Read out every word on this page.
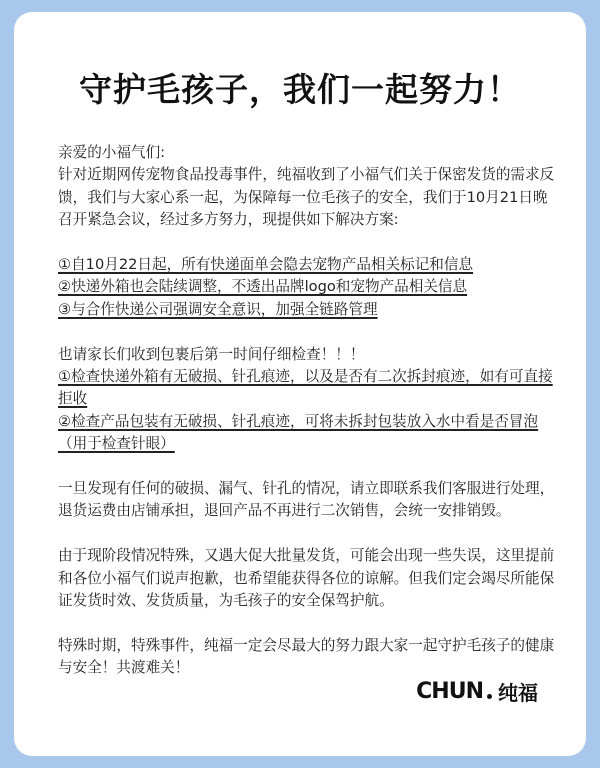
守护毛孩子，我们一起努力！

亲爱的小福气们:

针对近期网传宠物食品投毒事件，纯福收到了小福气们关于保密发货的需求反馈，我们与大家心系一起，为保障每一位毛孩子的安全，我们于10月21日晚召开紧急会议，经过多方努力，现提供如下解决方案:

①自10月22日起，所有快递面单会隐去宠物产品相关标记和信息

②快递外箱也会陆续调整，不透出品牌logo和宠物产品相关信息

③与合作快递公司强调安全意识，加强全链路管理

也请家长们收到包裹后第一时间仔细检查！！！

①检查快递外箱有无破损、针孔痕迹，以及是否有二次拆封痕迹，如有可直接拒收

②检查产品包装有无破损、针孔痕迹，可将未拆封包装放入水中看是否冒泡（用于检查针眼）

一旦发现有任何的破损、漏气、针孔的情况，请立即联系我们客服进行处理，退货运费由店铺承担，退回产品不再进行二次销售，会统一安排销毁。

由于现阶段情况特殊，又遇大促大批量发货，可能会出现一些失误，这里提前和各位小福气们说声抱歉，也希望能获得各位的谅解。但我们定会竭尽所能保证发货时效、发货质量，为毛孩子的安全保驾护航。

特殊时期，特殊事件，纯福一定会尽最大的努力跟大家一起守护毛孩子的健康与安全！共渡难关！

CHUN 纯福
